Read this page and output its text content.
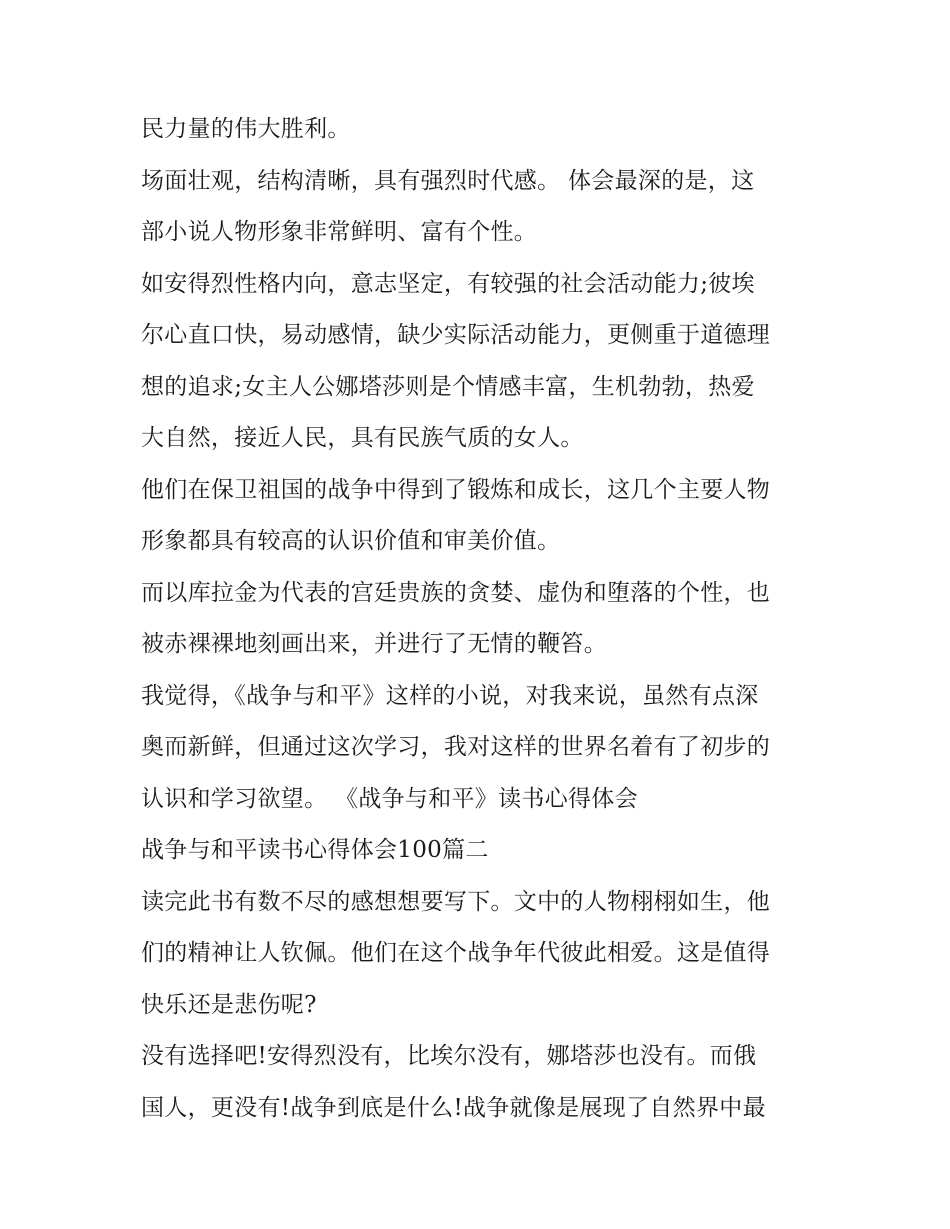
民力量的伟大胜利。
场面壮观，结构清晰，具有强烈时代感。 体会最深的是，这
部小说人物形象非常鲜明、富有个性。
如安得烈性格内向，意志坚定，有较强的社会活动能力;彼埃
尔心直口快，易动感情，缺少实际活动能力，更侧重于道德理
想的追求;女主人公娜塔莎则是个情感丰富，生机勃勃，热爱
大自然，接近人民，具有民族气质的女人。
他们在保卫祖国的战争中得到了锻炼和成长，这几个主要人物
形象都具有较高的认识价值和审美价值。
而以库拉金为代表的宫廷贵族的贪婪、虚伪和堕落的个性，也
被赤裸裸地刻画出来，并进行了无情的鞭笞。
我觉得，《战争与和平》这样的小说，对我来说，虽然有点深
奥而新鲜，但通过这次学习，我对这样的世界名着有了初步的
认识和学习欲望。 《战争与和平》读书心得体会
战争与和平读书心得体会100篇二
读完此书有数不尽的感想想要写下。文中的人物栩栩如生，他
们的精神让人钦佩。他们在这个战争年代彼此相爱。这是值得
快乐还是悲伤呢?
没有选择吧!安得烈没有，比埃尔没有，娜塔莎也没有。而俄
国人，更没有!战争到底是什么!战争就像是展现了自然界中最
